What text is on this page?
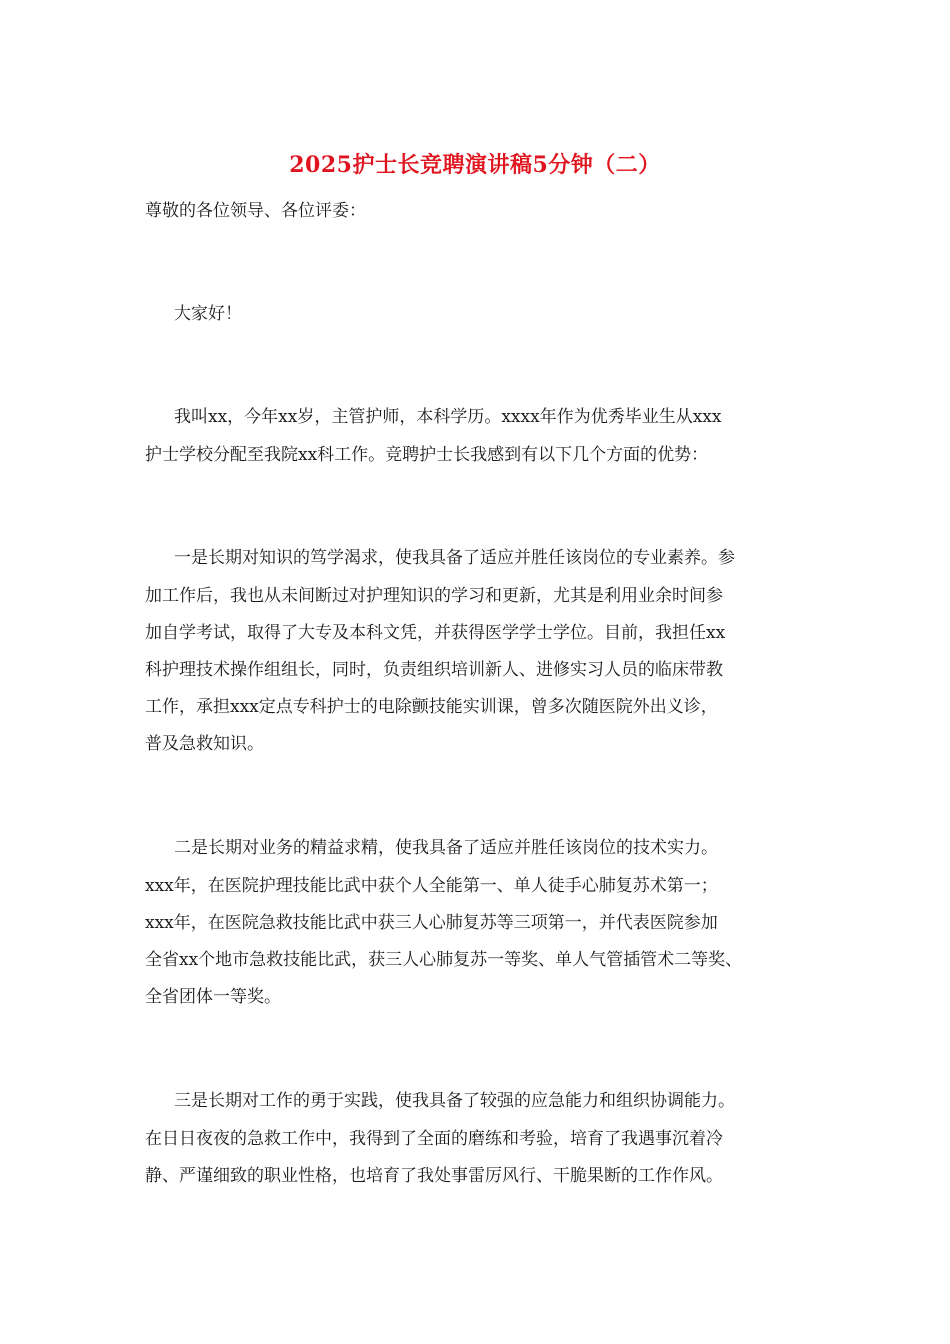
2025护士长竞聘演讲稿5分钟（二）
尊敬的各位领导、各位评委：
大家好！
我叫xx，今年xx岁，主管护师，本科学历。xxxx年作为优秀毕业生从xxx
护士学校分配至我院xx科工作。竞聘护士长我感到有以下几个方面的优势：
一是长期对知识的笃学渴求，使我具备了适应并胜任该岗位的专业素养。参
加工作后，我也从未间断过对护理知识的学习和更新，尤其是利用业余时间参
加自学考试，取得了大专及本科文凭，并获得医学学士学位。目前，我担任xx
科护理技术操作组组长，同时，负责组织培训新人、进修实习人员的临床带教
工作，承担xxx定点专科护士的电除颤技能实训课，曾多次随医院外出义诊，
普及急救知识。
二是长期对业务的精益求精，使我具备了适应并胜任该岗位的技术实力。
xxx年，在医院护理技能比武中获个人全能第一、单人徒手心肺复苏术第一；
xxx年，在医院急救技能比武中获三人心肺复苏等三项第一，并代表医院参加
全省xx个地市急救技能比武，获三人心肺复苏一等奖、单人气管插管术二等奖、
全省团体一等奖。
三是长期对工作的勇于实践，使我具备了较强的应急能力和组织协调能力。
在日日夜夜的急救工作中，我得到了全面的磨练和考验，培育了我遇事沉着冷
静、严谨细致的职业性格，也培育了我处事雷厉风行、干脆果断的工作作风。
